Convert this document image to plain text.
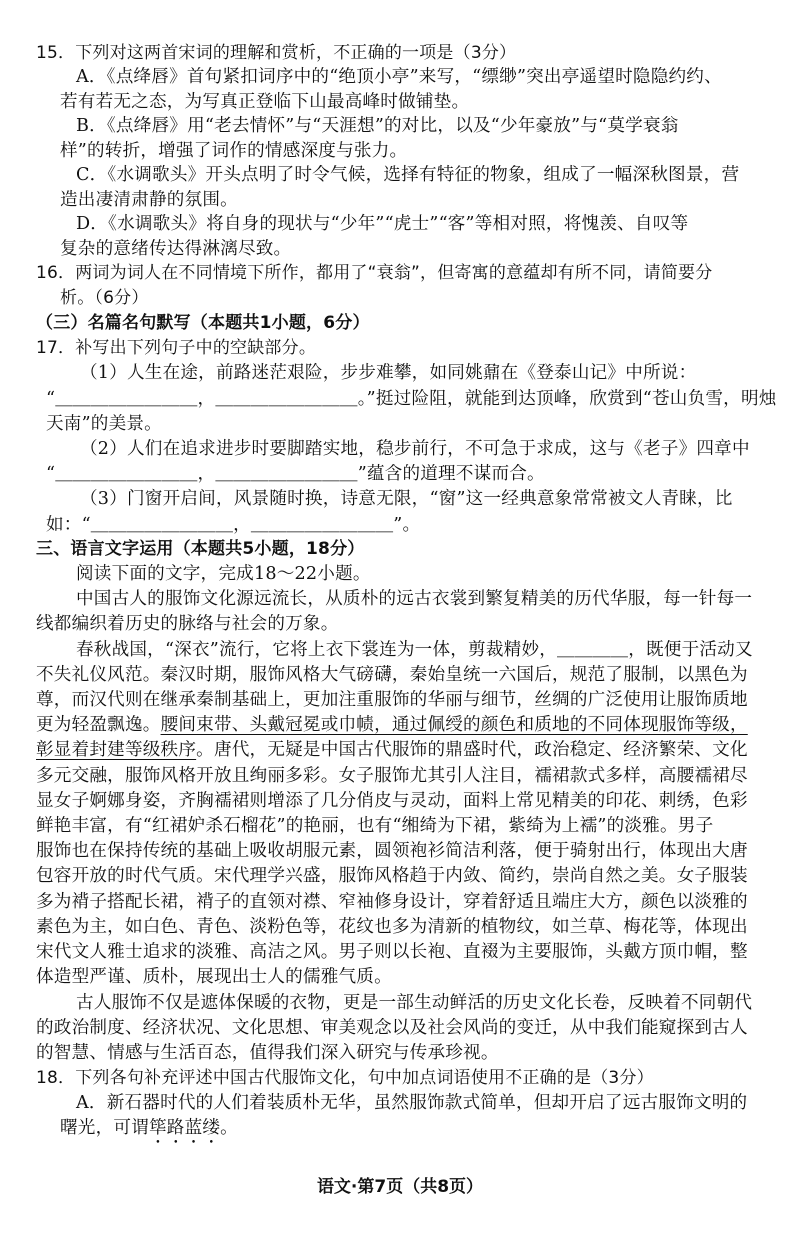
15．下列对这两首宋词的理解和赏析，不正确的一项是（3分）
A．《点绛唇》首句紧扣词序中的“绝顶小亭”来写，“缥缈”突出亭遥望时隐隐约约、
若有若无之态，为写真正登临下山最高峰时做铺垫。
B．《点绛唇》用“老去情怀”与“天涯想”的对比，以及“少年豪放”与“莫学衰翁
样”的转折，增强了词作的情感深度与张力。
C．《水调歌头》开头点明了时令气候，选择有特征的物象，组成了一幅深秋图景，营
造出凄清肃静的氛围。
D．《水调歌头》将自身的现状与“少年”“虎士”“客”等相对照，将愧羡、自叹等
复杂的意绪传达得淋漓尽致。
16．两词为词人在不同情境下所作，都用了“衰翁”，但寄寓的意蕴却有所不同，请简要分
析。（6分）
（三）名篇名句默写（本题共1小题，6分）
17．补写出下列句子中的空缺部分。
（1）人生在途，前路迷茫艰险，步步难攀，如同姚鼐在《登泰山记》中所说：
“＿＿＿＿＿＿＿＿，＿＿＿＿＿＿＿＿。”挺过险阻，就能到达顶峰，欣赏到“苍山负雪，明烛
天南”的美景。
（2）人们在追求进步时要脚踏实地，稳步前行，不可急于求成，这与《老子》四章中
“＿＿＿＿＿＿＿＿，＿＿＿＿＿＿＿＿”蕴含的道理不谋而合。
（3）门窗开启间，风景随时换，诗意无限，“窗”这一经典意象常常被文人青睐，比
如：“＿＿＿＿＿＿＿＿，＿＿＿＿＿＿＿＿”。
三、语言文字运用（本题共5小题，18分）
阅读下面的文字，完成18～22小题。
中国古人的服饰文化源远流长，从质朴的远古衣裳到繁复精美的历代华服，每一针每一
线都编织着历史的脉络与社会的万象。
春秋战国，“深衣”流行，它将上衣下裳连为一体，剪裁精妙，＿＿＿＿，既便于活动又
不失礼仪风范。秦汉时期，服饰风格大气磅礴，秦始皇统一六国后，规范了服制，以黑色为
尊，而汉代则在继承秦制基础上，更加注重服饰的华丽与细节，丝绸的广泛使用让服饰质地
更为轻盈飘逸。腰间束带、头戴冠冕或巾帻，通过佩绶的颜色和质地的不同体现服饰等级，
彰显着封建等级秩序。唐代，无疑是中国古代服饰的鼎盛时代，政治稳定、经济繁荣、文化
多元交融，服饰风格开放且绚丽多彩。女子服饰尤其引人注目，襦裙款式多样，高腰襦裙尽
显女子婀娜身姿，齐胸襦裙则增添了几分俏皮与灵动，面料上常见精美的印花、刺绣，色彩
鲜艳丰富，有“红裙妒杀石榴花”的艳丽，也有“缃绮为下裙，紫绮为上襦”的淡雅。男子
服饰也在保持传统的基础上吸收胡服元素，圆领袍衫简洁利落，便于骑射出行，体现出大唐
包容开放的时代气质。宋代理学兴盛，服饰风格趋于内敛、简约，崇尚自然之美。女子服装
多为褙子搭配长裙，褙子的直领对襟、窄袖修身设计，穿着舒适且端庄大方，颜色以淡雅的
素色为主，如白色、青色、淡粉色等，花纹也多为清新的植物纹，如兰草、梅花等，体现出
宋代文人雅士追求的淡雅、高洁之风。男子则以长袍、直裰为主要服饰，头戴方顶巾帽，整
体造型严谨、质朴，展现出士人的儒雅气质。
古人服饰不仅是遮体保暖的衣物，更是一部生动鲜活的历史文化长卷，反映着不同朝代
的政治制度、经济状况、文化思想、审美观念以及社会风尚的变迁，从中我们能窥探到古人
的智慧、情感与生活百态，值得我们深入研究与传承珍视。
18．下列各句补充评述中国古代服饰文化，句中加点词语使用不正确的是（3分）
A．新石器时代的人们着装质朴无华，虽然服饰款式简单，但却开启了远古服饰文明的
曙光，可谓筚路蓝缕。
语文·第7页（共8页）
